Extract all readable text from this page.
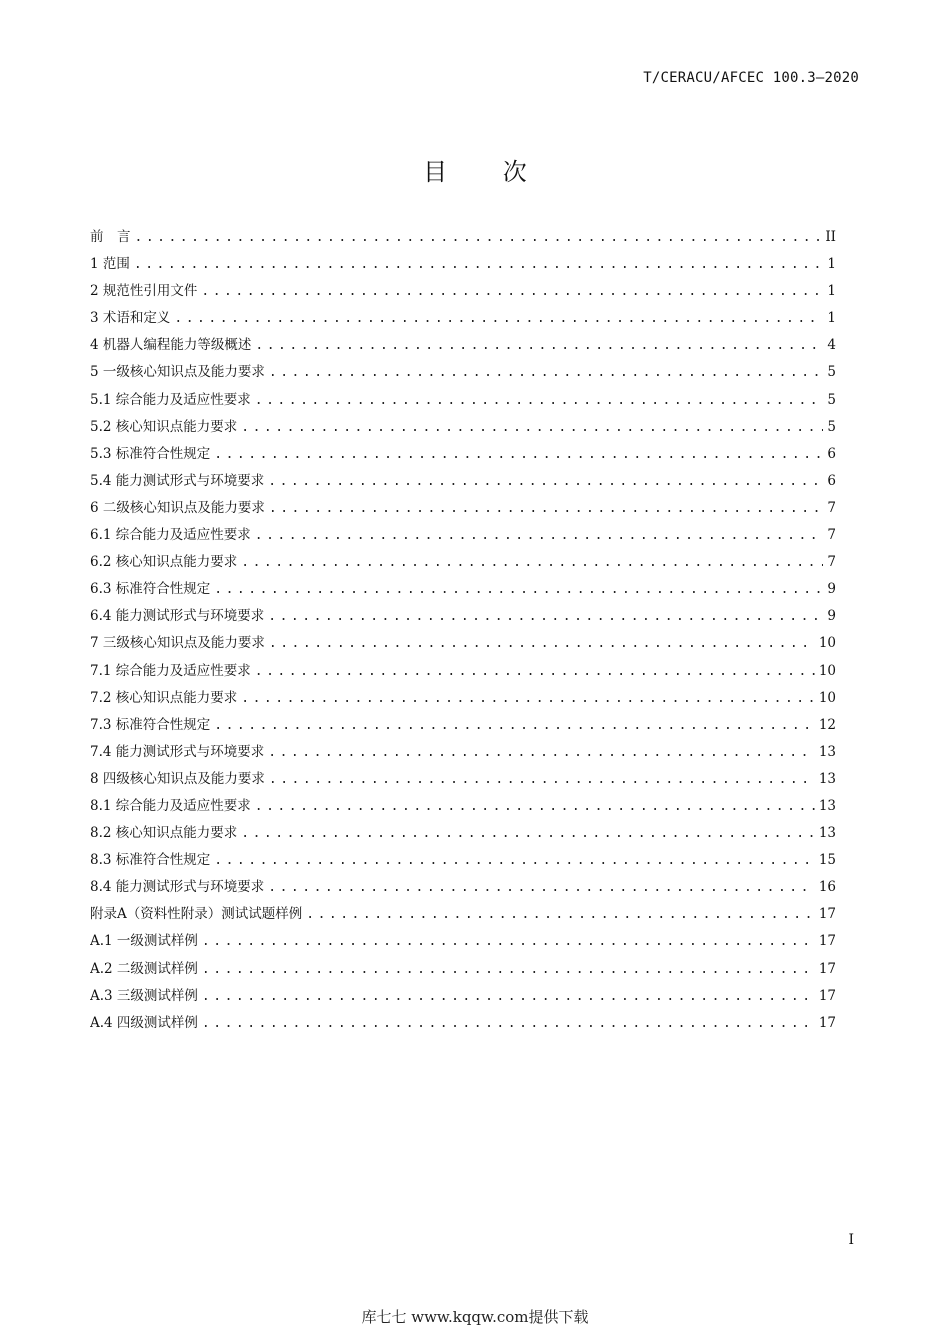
T/CERACU/AFCEC 100.3—2020
目 次
前　言 .....	II
1 范围 .....	1
2 规范性引用文件 .....	1
3 术语和定义 .....	1
4 机器人编程能力等级概述 .....	4
5 一级核心知识点及能力要求 .....	5
5.1 综合能力及适应性要求 .....	5
5.2 核心知识点能力要求 .....	5
5.3 标准符合性规定 .....	6
5.4 能力测试形式与环境要求 .....	6
6 二级核心知识点及能力要求 .....	7
6.1 综合能力及适应性要求 .....	7
6.2 核心知识点能力要求 .....	7
6.3 标准符合性规定 .....	9
6.4 能力测试形式与环境要求 .....	9
7 三级核心知识点及能力要求 .....	10
7.1 综合能力及适应性要求 .....	10
7.2 核心知识点能力要求 .....	10
7.3 标准符合性规定 .....	12
7.4 能力测试形式与环境要求 .....	13
8 四级核心知识点及能力要求 .....	13
8.1 综合能力及适应性要求 .....	13
8.2 核心知识点能力要求 .....	13
8.3 标准符合性规定 .....	15
8.4 能力测试形式与环境要求 .....	16
附录A（资料性附录）测试试题样例 .....	17
A.1 一级测试样例 .....	17
A.2 二级测试样例 .....	17
A.3 三级测试样例 .....	17
A.4 四级测试样例 .....	17
I
库七七 www.kqqw.com提供下载
